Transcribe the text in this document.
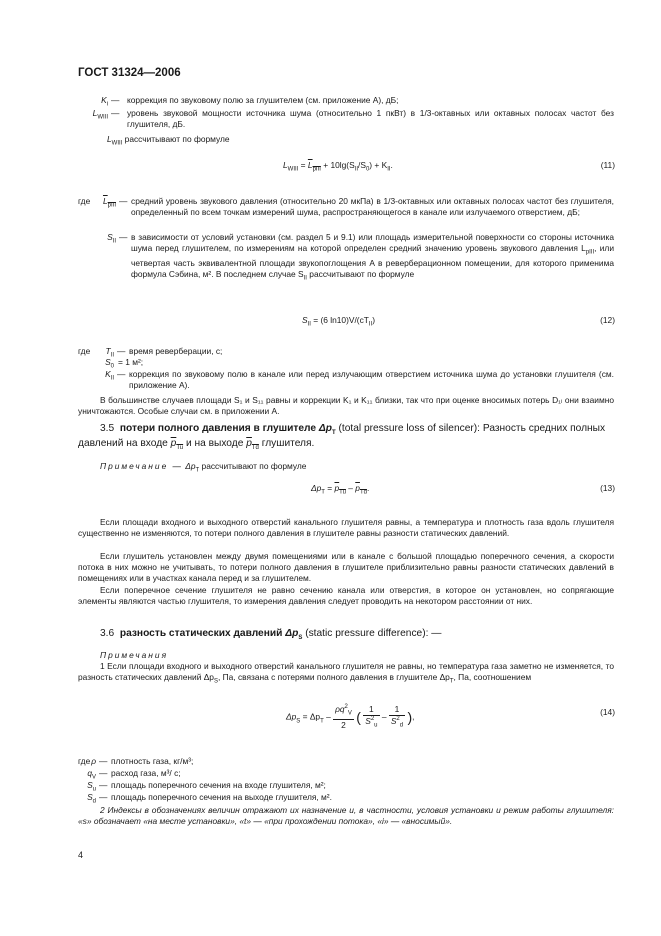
ГОСТ 31324—2006
$K_i$ — коррекция по звуковому полю за глушителем (см. приложение А), дБ;
$L_{WIII}$ — уровень звуковой мощности источника шума (относительно 1 пкВт) в 1/3-октавных или октавных полосах частот без глушителя, дБ.
$L_{WIII}$ рассчитывают по формуле
$L_{WIII} = L_{pIII} + 10\lg(S_{II}/S_0) + K_{II}$.	(11)
где	$L_{pIII}$ — средний уровень звукового давления (относительно 20 мкПа) в 1/3-октавных или октавных полосах частот без глушителя, определенный по всем точкам измерений шума, распространяющегося в канале или излучаемого отверстием, дБ;
$S_{II}$ — в зависимости от условий установки (см. раздел 5 и 9.1) или площадь измерительной поверхности со стороны источника шума перед глушителем, по измерениям на которой определен средний значению уровень звукового давления $L_{pIII}$, или четвертая часть эквивалентной площади звукопоглощения A в реверберационном помещении, для которого применима формула Сэбина, м². В последнем случае $S_{II}$ рассчитывают по формуле
$S_{II} = (6$ $\ln 10)V/(cT_{II})$	(12)
где	$T_{II}$ — время реверберации, с;
$S_0 = 1$ м²;
$K_{II}$ — коррекция по звуковому полю в канале или перед излучающим отверстием источника шума до установки глушителя (см. приложение А).
В большинстве случаев площади S₁ и S₁₁ равны и коррекции K₁ и K₁₁ близки, так что при оценке вносимых потерь D₁ₗ они взаимно уничтожаются. Особые случаи см. в приложении А.
3.5 потери полного давления в глушителе $\Delta p_T$ (total pressure loss of silencer): Разность средних полных давлений на входе $p_{Tu}$ и на выходе $p_{Td}$ глушителя.
Примечание — $\Delta p_T$ рассчитывают по формуле
$\Delta p_T = p_{Tu} - p_{Td}$.	(13)
Если площади входного и выходного отверстий канального глушителя равны, а температура и плотность газа вдоль глушителя существенно не изменяются, то потери полного давления в глушителе равны разности статических давлений.
Если глушитель установлен между двумя помещениями или в канале с большой площадью поперечного сечения, а скорости потока в них можно не учитывать, то потери полного давления в глушителе приблизительно равны разности статических давлений в помещениях или в участках канала перед и за глушителем.
Если поперечное сечение глушителя не равно сечению канала или отверстия, в которое он установлен, но сопрягающие элементы являются частью глушителя, то измерения давления следует проводить на некотором расстоянии от них.
3.6 разность статических давлений $\Delta p_S$ (static pressure difference): —
Примечания
1 Если площади входного и выходного отверстий канального глушителя не равны, но температура газа заметно не изменяется, то разность статических давлений $\Delta p_S$, Па, связана с потерями полного давления в глушителе $\Delta p_T$, Па, соотношением
$\Delta p_S = \Delta p_T - \frac{\rho q^2_V}{2}$ ( $\frac{1}{S^2_u} - \frac{1}{S^2_d}$ ),	(14)
где ρ — плотность газа, кг/м³;
$q_V$ — расход газа, м³/ с;
$S_u$ — площадь поперечного сечения на входе глушителя, м²;
$S_d$ — площадь поперечного сечения на выходе глушителя, м².
2 Индексы в обозначениях величин отражают их назначение и, в частности, условия установки и режим работы глушителя: «s» обозначает «на месте установки», «t» — «при прохождении потока», «i» — «вносимый».
4
